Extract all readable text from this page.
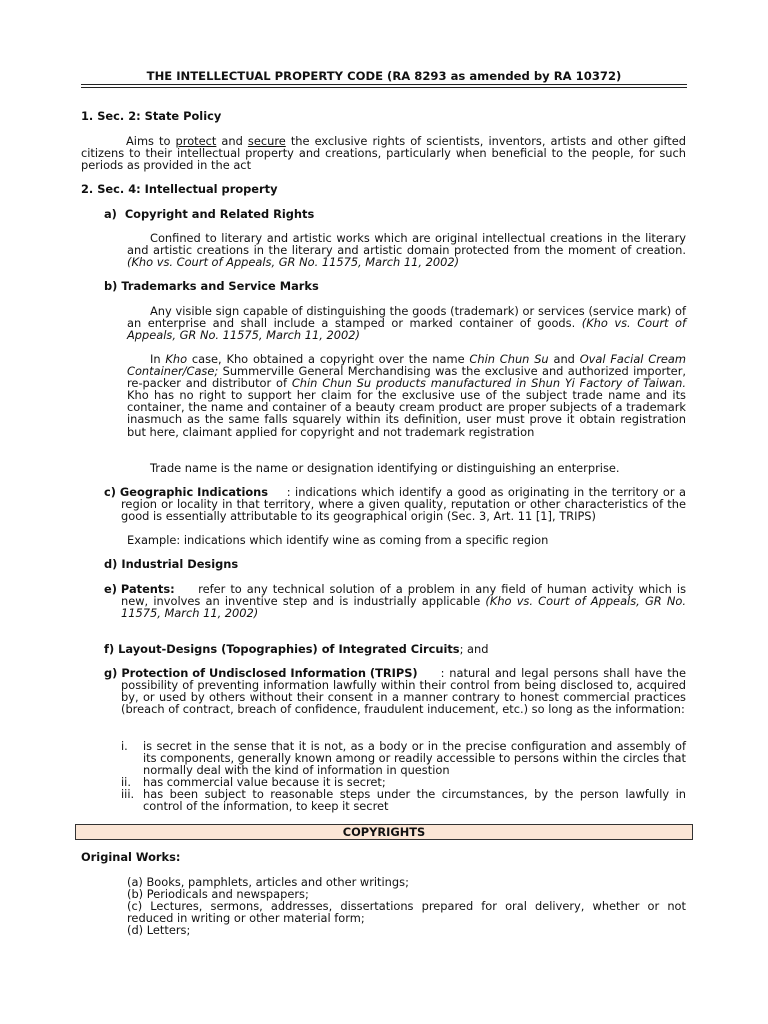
THE INTELLECTUAL PROPERTY CODE (RA 8293 as amended by RA 10372)
1. Sec. 2: State Policy
Aims to protect and secure the exclusive rights of scientists, inventors, artists and other gifted citizens to their intellectual property and creations, particularly when beneficial to the people, for such periods as provided in the act
2. Sec. 4: Intellectual property
a)  Copyright and Related Rights
Confined to literary and artistic works which are original intellectual creations in the literary and artistic creations in the literary and artistic domain protected from the moment of creation. (Kho vs. Court of Appeals, GR No. 11575, March 11, 2002)
b) Trademarks and Service Marks
Any visible sign capable of distinguishing the goods (trademark) or services (service mark) of an enterprise and shall include a stamped or marked container of goods. (Kho vs. Court of Appeals, GR No. 11575, March 11, 2002)
In Kho case, Kho obtained a copyright over the name Chin Chun Su and Oval Facial Cream Container/Case; Summerville General Merchandising was the exclusive and authorized importer, re-packer and distributor of Chin Chun Su products manufactured in Shun Yi Factory of Taiwan. Kho has no right to support her claim for the exclusive use of the subject trade name and its container, the name and container of a beauty cream product are proper subjects of a trademark inasmuch as the same falls squarely within its definition, user must prove it obtain registration but here, claimant applied for copyright and not trademark registration
Trade name is the name or designation identifying or distinguishing an enterprise.
c) Geographic Indications	: indications which identify a good as originating in the territory or a region or locality in that territory, where a given quality, reputation or other characteristics of the good is essentially attributable to its geographical origin (Sec. 3, Art. 11 [1], TRIPS)
Example: indications which identify wine as coming from a specific region
d) Industrial Designs
e) Patents:	refer to any technical solution of a problem in any field of human activity which is new, involves an inventive step and is industrially applicable (Kho vs. Court of Appeals, GR No. 11575, March 11, 2002)
f) Layout-Designs (Topographies) of Integrated Circuits; and
g) Protection of Undisclosed Information (TRIPS)	: natural and legal persons shall have the possibility of preventing information lawfully within their control from being disclosed to, acquired by, or used by others without their consent in a manner contrary to honest commercial practices (breach of contract, breach of confidence, fraudulent inducement, etc.) so long as the information:
i. is secret in the sense that it is not, as a body or in the precise configuration and assembly of its components, generally known among or readily accessible to persons within the circles that normally deal with the kind of information in question
ii. has commercial value because it is secret;
iii. has been subject to reasonable steps under the circumstances, by the person lawfully in control of the information, to keep it secret
COPYRIGHTS
Original Works:
(a) Books, pamphlets, articles and other writings;
(b) Periodicals and newspapers;
(c) Lectures, sermons, addresses, dissertations prepared for oral delivery, whether or not reduced in writing or other material form;
(d) Letters;
